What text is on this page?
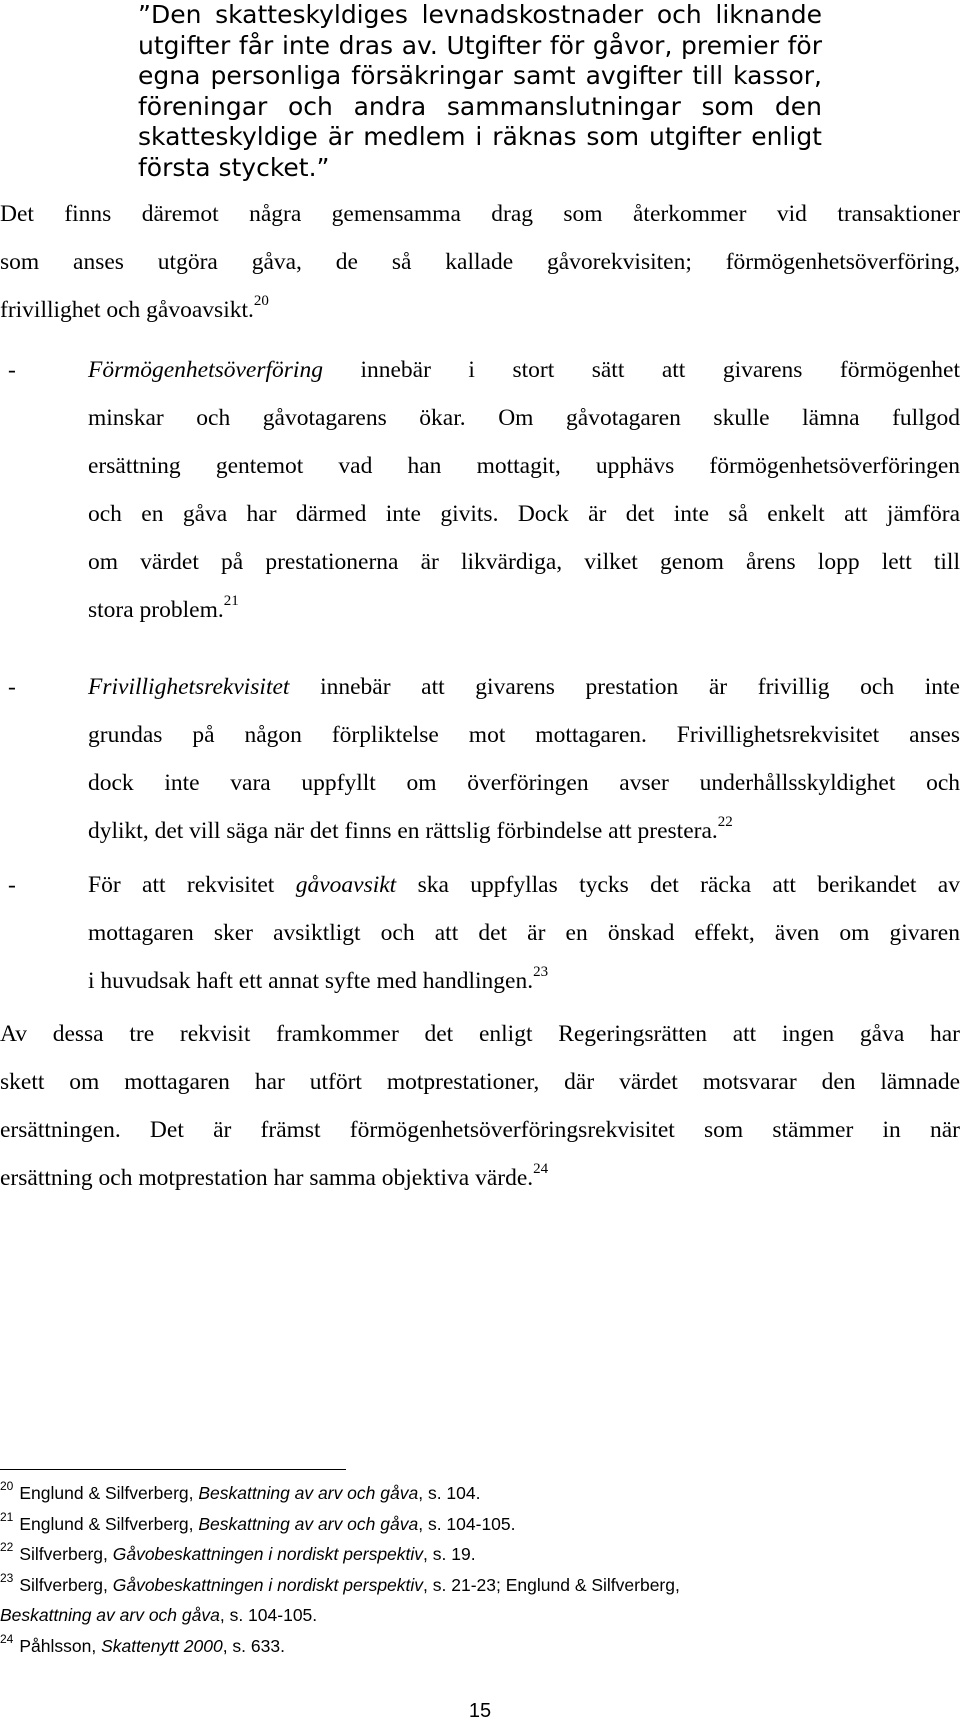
”Den skatteskyldiges levnadskostnader och liknande
utgifter får inte dras av. Utgifter för gåvor, premier för
egna personliga försäkringar samt avgifter till kassor,
föreningar och andra sammanslutningar som den
skatteskyldige är medlem i räknas som utgifter enligt
första stycket.”
Det finns däremot några gemensamma drag som återkommer vid transaktioner
som anses utgöra gåva, de så kallade gåvorekvisiten; förmögenhetsöverföring,
frivillighet och gåvoavsikt.$^{20}$
-	Förmögenhetsöverföring innebär i stort sätt att givarens förmögenhet
minskar och gåvotagarens ökar. Om gåvotagaren skulle lämna fullgod
ersättning gentemot vad han mottagit, upphävs förmögenhetsöverföringen
och en gåva har därmed inte givits. Dock är det inte så enkelt att jämföra
om värdet på prestationerna är likvärdiga, vilket genom årens lopp lett till
stora problem.$^{21}$
-	Frivillighetsrekvisitet innebär att givarens prestation är frivillig och inte
grundas på någon förpliktelse mot mottagaren. Frivillighetsrekvisitet anses
dock inte vara uppfyllt om överföringen avser underhållsskyldighet och
dylikt, det vill säga när det finns en rättslig förbindelse att prestera.$^{22}$
-	För att rekvisitet gåvoavsikt ska uppfyllas tycks det räcka att berikandet av
mottagaren sker avsiktligt och att det är en önskad effekt, även om givaren
i huvudsak haft ett annat syfte med handlingen.$^{23}$
Av dessa tre rekvisit framkommer det enligt Regeringsrätten att ingen gåva har
skett om mottagaren har utfört motprestationer, där värdet motsvarar den lämnade
ersättningen. Det är främst förmögenhetsöverföringsrekvisitet som stämmer in när
ersättning och motprestation har samma objektiva värde.$^{24}$
$^{20}$ Englund & Silfverberg, Beskattning av arv och gåva, s. 104.
$^{21}$ Englund & Silfverberg, Beskattning av arv och gåva, s. 104-105.
$^{22}$ Silfverberg, Gåvobeskattningen i nordiskt perspektiv, s. 19.
$^{23}$ Silfverberg, Gåvobeskattningen i nordiskt perspektiv, s. 21-23; Englund & Silfverberg,
Beskattning av arv och gåva, s. 104-105.
$^{24}$ Påhlsson, Skattenytt 2000, s. 633.
15
